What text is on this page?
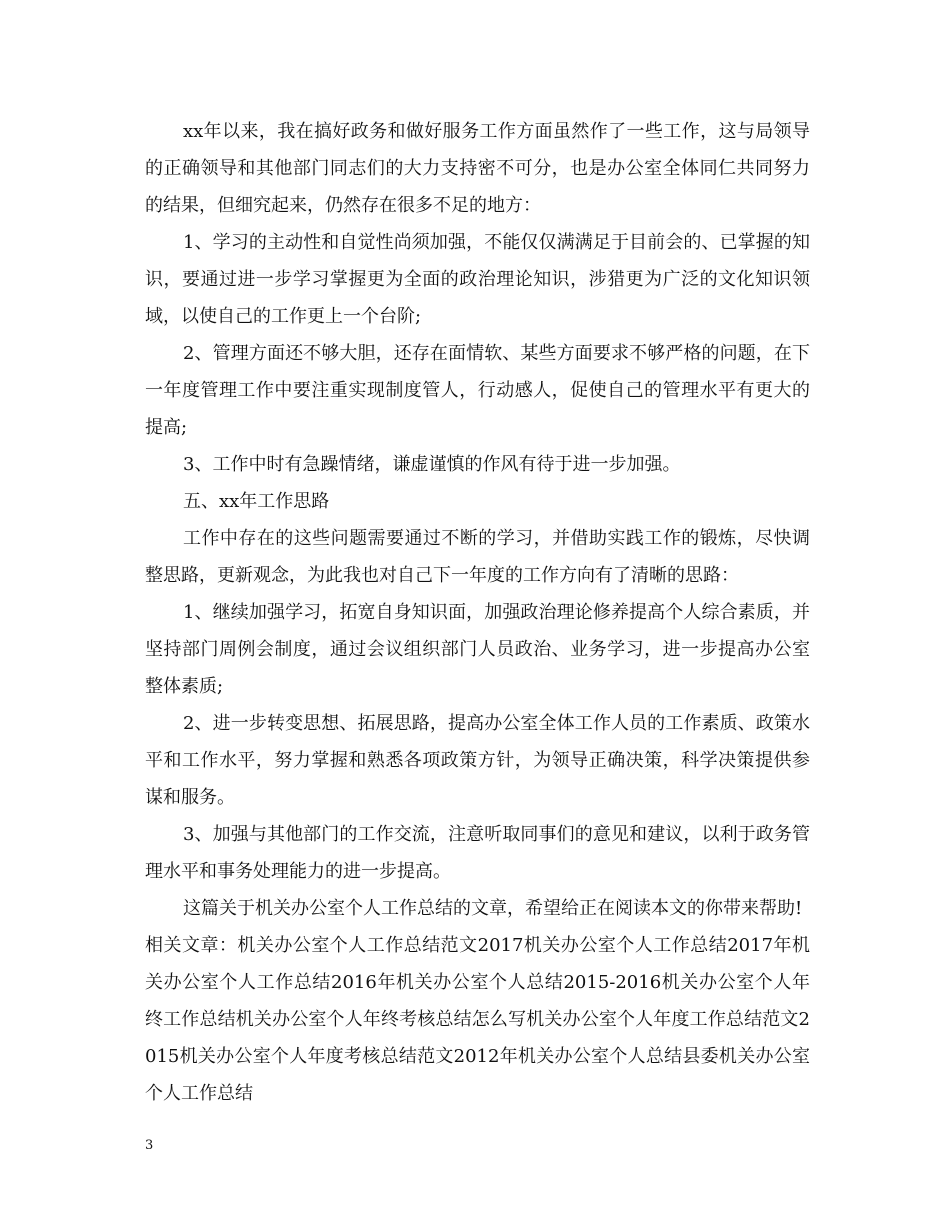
xx年以来，我在搞好政务和做好服务工作方面虽然作了一些工作，这与局领导的正确领导和其他部门同志们的大力支持密不可分，也是办公室全体同仁共同努力的结果，但细究起来，仍然存在很多不足的地方：

1、学习的主动性和自觉性尚须加强，不能仅仅满满足于目前会的、已掌握的知识，要通过进一步学习掌握更为全面的政治理论知识，涉猎更为广泛的文化知识领域，以使自己的工作更上一个台阶;

2、管理方面还不够大胆，还存在面情软、某些方面要求不够严格的问题，在下一年度管理工作中要注重实现制度管人，行动感人，促使自己的管理水平有更大的提高;

3、工作中时有急躁情绪，谦虚谨慎的作风有待于进一步加强。

五、xx年工作思路

工作中存在的这些问题需要通过不断的学习，并借助实践工作的锻炼，尽快调整思路，更新观念，为此我也对自己下一年度的工作方向有了清晰的思路：

1、继续加强学习，拓宽自身知识面，加强政治理论修养提高个人综合素质，并坚持部门周例会制度，通过会议组织部门人员政治、业务学习，进一步提高办公室整体素质;

2、进一步转变思想、拓展思路，提高办公室全体工作人员的工作素质、政策水平和工作水平，努力掌握和熟悉各项政策方针，为领导正确决策，科学决策提供参谋和服务。

3、加强与其他部门的工作交流，注意听取同事们的意见和建议，以利于政务管理水平和事务处理能力的进一步提高。

这篇关于机关办公室个人工作总结的文章，希望给正在阅读本文的你带来帮助!

相关文章：机关办公室个人工作总结范文2017机关办公室个人工作总结2017年机关办公室个人工作总结2016年机关办公室个人总结2015-2016机关办公室个人年终工作总结机关办公室个人年终考核总结怎么写机关办公室个人年度工作总结范文2015机关办公室个人年度考核总结范文2012年机关办公室个人总结县委机关办公室个人工作总结

3
